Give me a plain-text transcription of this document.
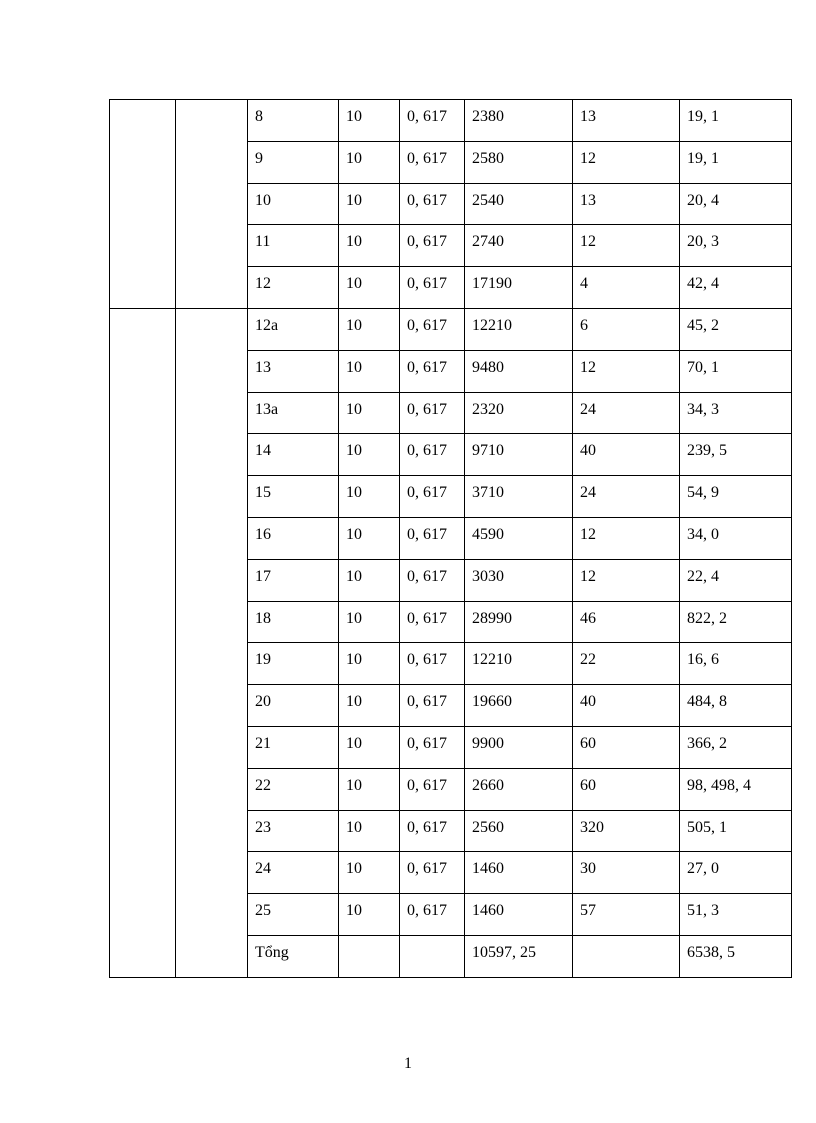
		8	10	0, 617	2380	13	19, 1

		9	10	0, 617	2580	12	19, 1

		10	10	0, 617	2540	13	20, 4

		11	10	0, 617	2740	12	20, 3

		12	10	0, 617	17190	4	42, 4

		12a	10	0, 617	12210	6	45, 2

		13	10	0, 617	9480	12	70, 1

		13a	10	0, 617	2320	24	34, 3

		14	10	0, 617	9710	40	239, 5

		15	10	0, 617	3710	24	54, 9

		16	10	0, 617	4590	12	34, 0

		17	10	0, 617	3030	12	22, 4

		18	10	0, 617	28990	46	822, 2

		19	10	0, 617	12210	22	16, 6

		20	10	0, 617	19660	40	484, 8

		21	10	0, 617	9900	60	366, 2

		22	10	0, 617	2660	60	98, 498, 4

		23	10	0, 617	2560	320	505, 1

		24	10	0, 617	1460	30	27, 0

		25	10	0, 617	1460	57	51, 3

		Tổng			10597, 25		6538, 5
1
